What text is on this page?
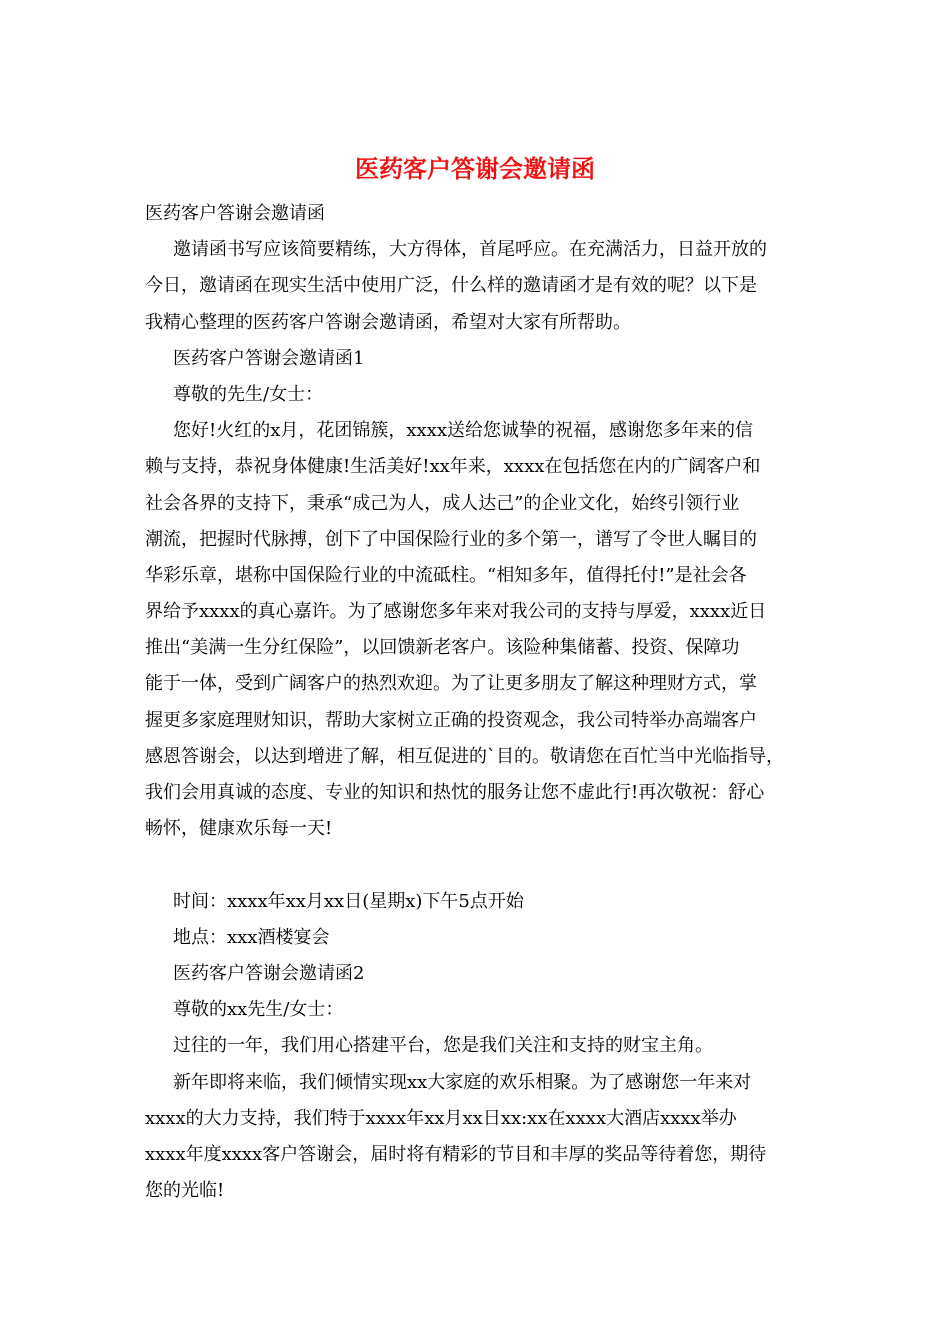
医药客户答谢会邀请函
医药客户答谢会邀请函
邀请函书写应该简要精练，大方得体，首尾呼应。在充满活力，日益开放的
今日，邀请函在现实生活中使用广泛，什么样的邀请函才是有效的呢？以下是
我精心整理的医药客户答谢会邀请函，希望对大家有所帮助。
医药客户答谢会邀请函1
尊敬的先生/女士：
您好!火红的x月，花团锦簇，xxxx送给您诚挚的祝福，感谢您多年来的信
赖与支持，恭祝身体健康!生活美好!xx年来，xxxx在包括您在内的广阔客户和
社会各界的支持下，秉承“成己为人，成人达己”的企业文化，始终引领行业
潮流，把握时代脉搏，创下了中国保险行业的多个第一，谱写了令世人瞩目的
华彩乐章，堪称中国保险行业的中流砥柱。“相知多年，值得托付!”是社会各
界给予xxxx的真心嘉许。为了感谢您多年来对我公司的支持与厚爱，xxxx近日
推出“美满一生分红保险”，以回馈新老客户。该险种集储蓄、投资、保障功
能于一体，受到广阔客户的热烈欢迎。为了让更多朋友了解这种理财方式，掌
握更多家庭理财知识，帮助大家树立正确的投资观念，我公司特举办高端客户
感恩答谢会，以达到增进了解，相互促进的`目的。敬请您在百忙当中光临指导，
我们会用真诚的态度、专业的知识和热忱的服务让您不虚此行!再次敬祝：舒心
畅怀，健康欢乐每一天!
时间：xxxx年xx月xx日(星期x)下午5点开始
地点：xxx酒楼宴会
医药客户答谢会邀请函2
尊敬的xx先生/女士：
过往的一年，我们用心搭建平台，您是我们关注和支持的财宝主角。
新年即将来临，我们倾情实现xx大家庭的欢乐相聚。为了感谢您一年来对
xxxx的大力支持，我们特于xxxx年xx月xx日xx:xx在xxxx大酒店xxxx举办
xxxx年度xxxx客户答谢会，届时将有精彩的节目和丰厚的奖品等待着您，期待
您的光临!
